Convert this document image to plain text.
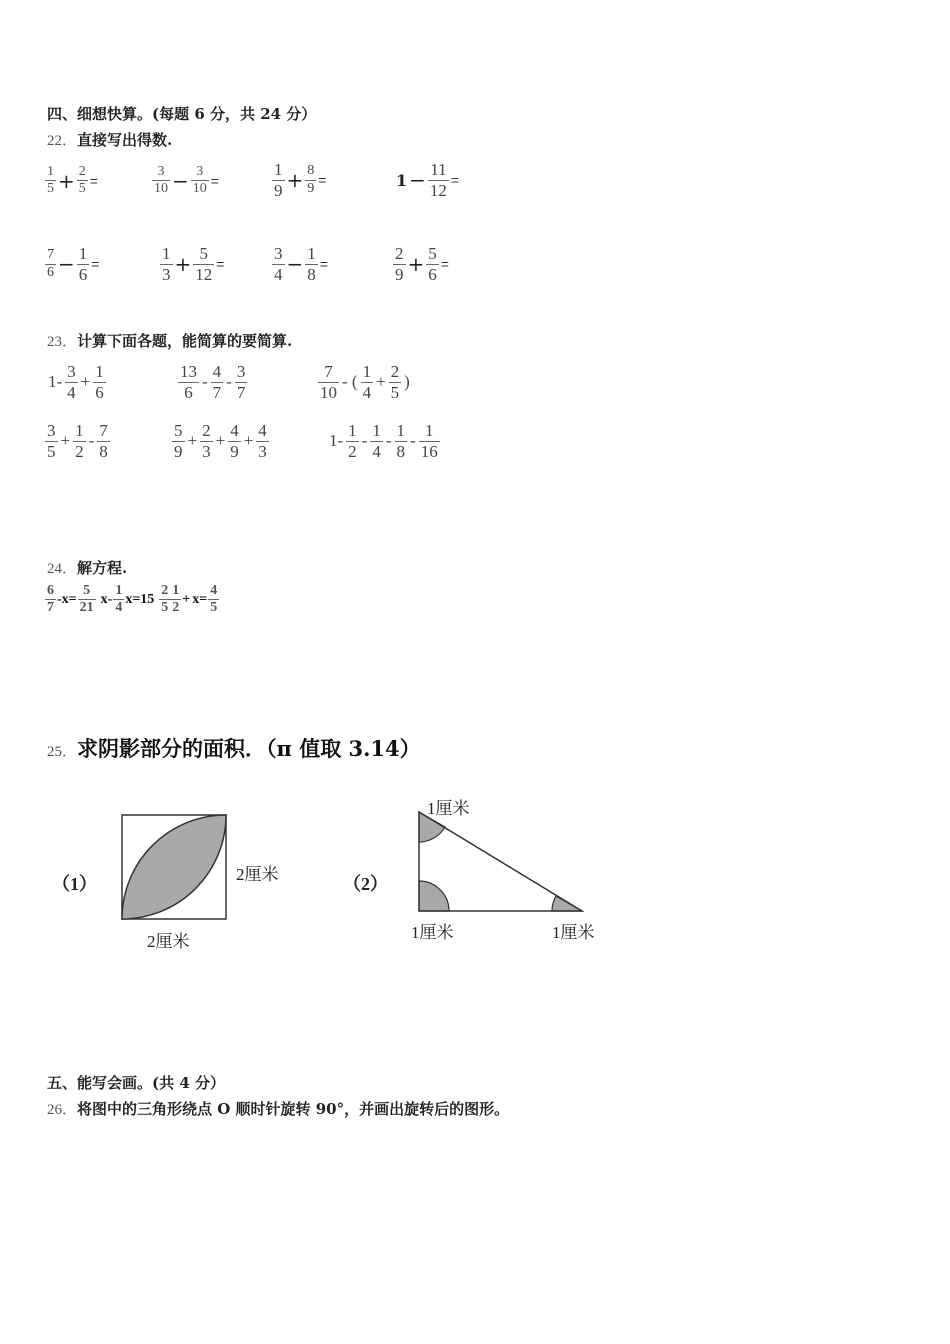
四、细想快算。(每题 6 分，共 24 分）
22．直接写出得数.
$\frac{1}{5} + \frac{2}{5}$ =	$\frac{3}{10} - \frac{3}{10}$ =	$\frac{1}{9} + \frac{8}{9}$ =	$1 - \frac{11}{12}$ =
$\frac{7}{6} - \frac{1}{6}$ =	$\frac{1}{3} + \frac{5}{12}$ =	$\frac{3}{4} - \frac{1}{8}$ =	$\frac{2}{9} + \frac{5}{6}$ =
23．计算下面各题，能简算的要简算.
$1- \frac{3}{4} + \frac{1}{6}$	$\frac{13}{6} - \frac{4}{7} - \frac{3}{7}$	$\frac{7}{10}$ - ( $\frac{1}{4} + \frac{2}{5}$ )
$\frac{3}{5} + \frac{1}{2} - \frac{7}{8}$	$\frac{5}{9} + \frac{2}{3} + \frac{4}{9} + \frac{4}{3}$	$1- \frac{1}{2} - \frac{1}{4} - \frac{1}{8} - \frac{1}{16}$
24．解方程.
$\frac{6}{7} -x= \frac{5}{21} x- \frac{1}{4} x=15 \frac{2}{5} \frac{1}{2} + x= \frac{4}{5}$
25．求阴影部分的面积．（π 值取 3.14）
（1）	2厘米
2厘米
（2）
1厘米
1厘米	1厘米
五、能写会画。(共 4 分）
26．将图中的三角形绕点 O 顺时针旋转 90°，并画出旋转后的图形。
